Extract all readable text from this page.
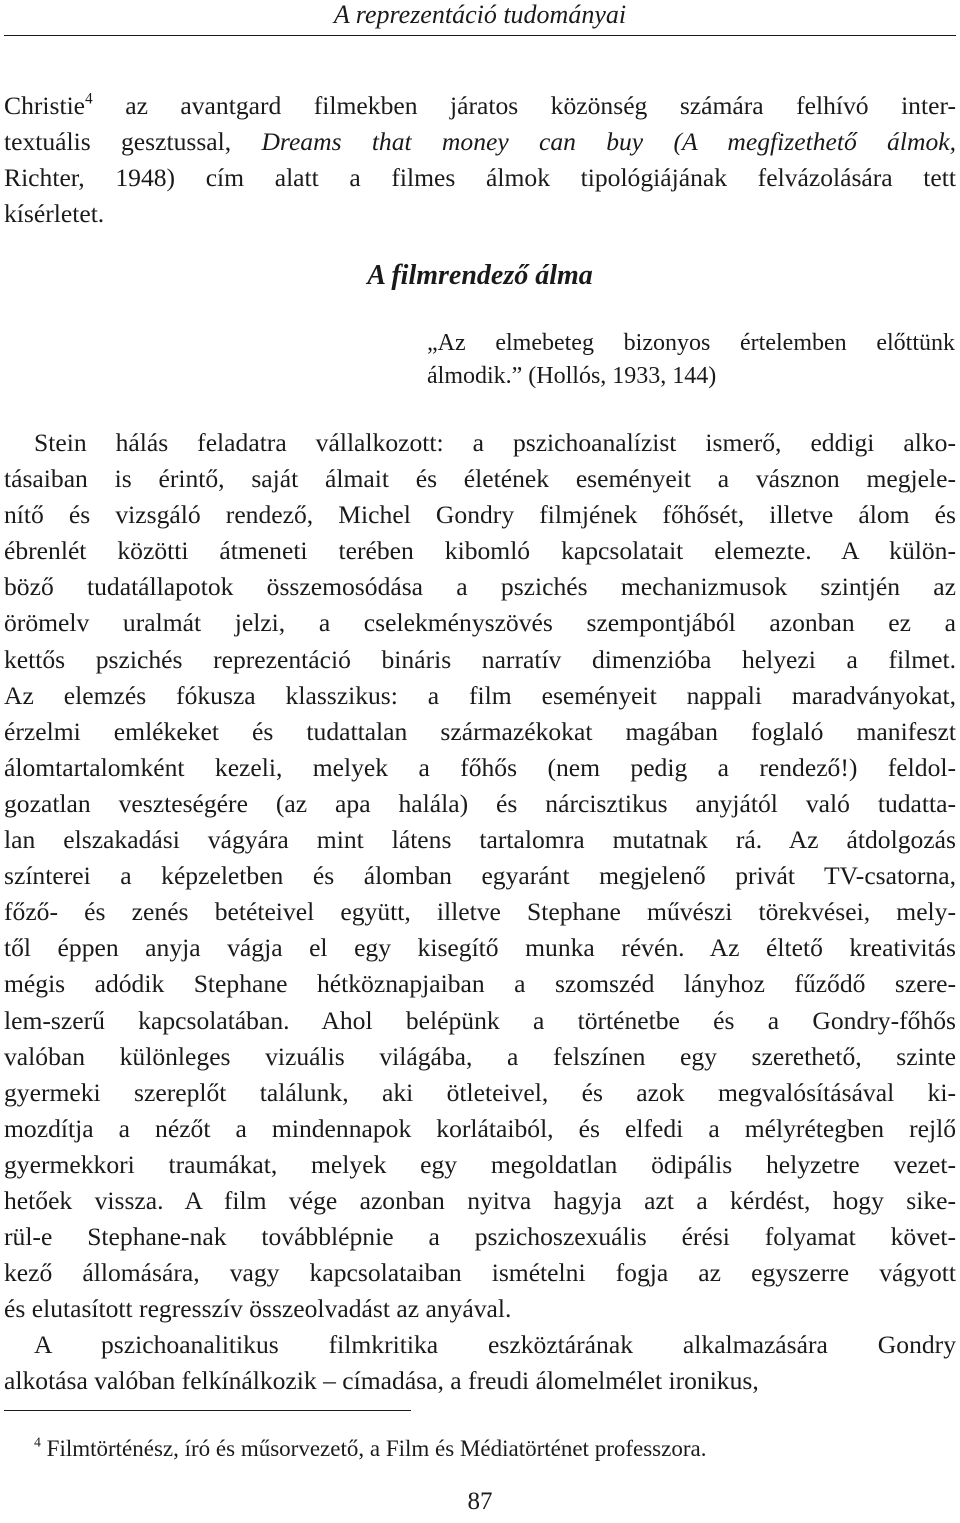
A reprezentáció tudományai
Christie$^4$ az avantgard filmekben járatos közönség számára felhívó inter-
textuális gesztussal, Dreams that money can buy (A megfizethető álmok,
Richter, 1948) cím alatt a filmes álmok tipológiájának felvázolására tett
kísérletet.
A filmrendező álma
„Az elmebeteg bizonyos értelemben előttünk
álmodik.” (Hollós, 1933, 144)
Stein hálás feladatra vállalkozott: a pszichoanalízist ismerő, eddigi alko-
tásaiban is érintő, saját álmait és életének eseményeit a vásznon megjele-
nítő és vizsgáló rendező, Michel Gondry filmjének főhősét, illetve álom és
ébrenlét közötti átmeneti terében kibomló kapcsolatait elemezte. A külön-
böző tudatállapotok összemosódása a pszichés mechanizmusok szintjén az
örömelv uralmát jelzi, a cselekményszövés szempontjából azonban ez a
kettős pszichés reprezentáció bináris narratív dimenzióba helyezi a filmet.
Az elemzés fókusza klasszikus: a film eseményeit nappali maradványokat,
érzelmi emlékeket és tudattalan származékokat magában foglaló manifeszt
álomtartalomként kezeli, melyek a főhős (nem pedig a rendező!) feldol-
gozatlan veszteségére (az apa halála) és nárcisztikus anyjától való tudatta-
lan elszakadási vágyára mint látens tartalomra mutatnak rá. Az átdolgozás
színterei a képzeletben és álomban egyaránt megjelenő privát TV-csatorna,
főző- és zenés betéteivel együtt, illetve Stephane művészi törekvései, mely-
től éppen anyja vágja el egy kisegítő munka révén. Az éltető kreativitás
mégis adódik Stephane hétköznapjaiban a szomszéd lányhoz fűződő szere-
lem-szerű kapcsolatában. Ahol belépünk a történetbe és a Gondry-főhős
valóban különleges vizuális világába, a felszínen egy szerethető, szinte
gyermeki szereplőt találunk, aki ötleteivel, és azok megvalósításával ki-
mozdítja a nézőt a mindennapok korlátaiból, és elfedi a mélyrétegben rejlő
gyermekkori traumákat, melyek egy megoldatlan ödipális helyzetre vezet-
hetőek vissza. A film vége azonban nyitva hagyja azt a kérdést, hogy sike-
rül-e Stephane-nak továbblépnie a pszichoszexuális érési folyamat követ-
kező állomására, vagy kapcsolataiban ismételni fogja az egyszerre vágyott
és elutasított regresszív összeolvadást az anyával.
A pszichoanalitikus filmkritika eszköztárának alkalmazására Gondry
alkotása valóban felkínálkozik – címadása, a freudi álomelmélet ironikus,
$^4$ Filmtörténész, író és műsorvezető, a Film és Médiatörténet professzora.
87
